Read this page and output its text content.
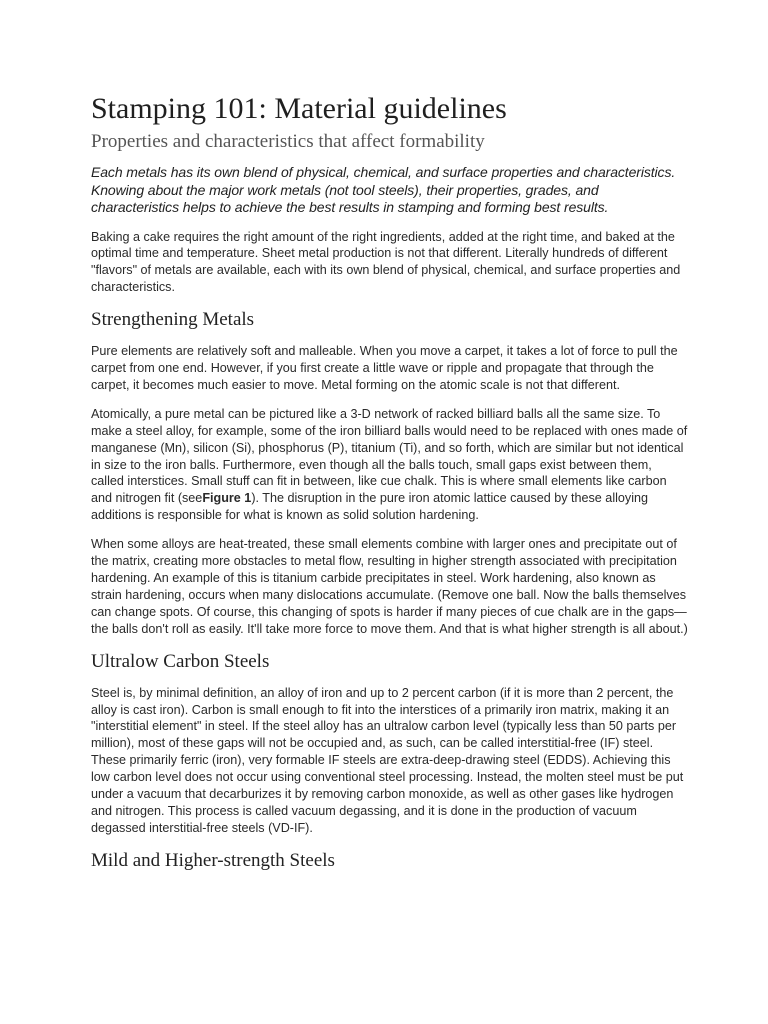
Stamping 101: Material guidelines
Properties and characteristics that affect formability

Each metals has its own blend of physical, chemical, and surface properties and characteristics. Knowing about the major work metals (not tool steels), their properties, grades, and characteristics helps to achieve the best results in stamping and forming best results.

Baking a cake requires the right amount of the right ingredients, added at the right time, and baked at the optimal time and temperature. Sheet metal production is not that different. Literally hundreds of different "flavors" of metals are available, each with its own blend of physical, chemical, and surface properties and characteristics.

Strengthening Metals

Pure elements are relatively soft and malleable. When you move a carpet, it takes a lot of force to pull the carpet from one end. However, if you first create a little wave or ripple and propagate that through the carpet, it becomes much easier to move. Metal forming on the atomic scale is not that different.

Atomically, a pure metal can be pictured like a 3-D network of racked billiard balls all the same size. To make a steel alloy, for example, some of the iron billiard balls would need to be replaced with ones made of manganese (Mn), silicon (Si), phosphorus (P), titanium (Ti), and so forth, which are similar but not identical in size to the iron balls. Furthermore, even though all the balls touch, small gaps exist between them, called interstices. Small stuff can fit in between, like cue chalk. This is where small elements like carbon and nitrogen fit (seeFigure 1). The disruption in the pure iron atomic lattice caused by these alloying additions is responsible for what is known as solid solution hardening.

When some alloys are heat-treated, these small elements combine with larger ones and precipitate out of the matrix, creating more obstacles to metal flow, resulting in higher strength associated with precipitation hardening. An example of this is titanium carbide precipitates in steel. Work hardening, also known as strain hardening, occurs when many dislocations accumulate. (Remove one ball. Now the balls themselves can change spots. Of course, this changing of spots is harder if many pieces of cue chalk are in the gaps—the balls don't roll as easily. It'll take more force to move them. And that is what higher strength is all about.)

Ultralow Carbon Steels

Steel is, by minimal definition, an alloy of iron and up to 2 percent carbon (if it is more than 2 percent, the alloy is cast iron). Carbon is small enough to fit into the interstices of a primarily iron matrix, making it an "interstitial element" in steel. If the steel alloy has an ultralow carbon level (typically less than 50 parts per million), most of these gaps will not be occupied and, as such, can be called interstitial-free (IF) steel. These primarily ferric (iron), very formable IF steels are extra-deep-drawing steel (EDDS). Achieving this low carbon level does not occur using conventional steel processing. Instead, the molten steel must be put under a vacuum that decarburizes it by removing carbon monoxide, as well as other gases like hydrogen and nitrogen. This process is called vacuum degassing, and it is done in the production of vacuum degassed interstitial-free steels (VD-IF).

Mild and Higher-strength Steels
